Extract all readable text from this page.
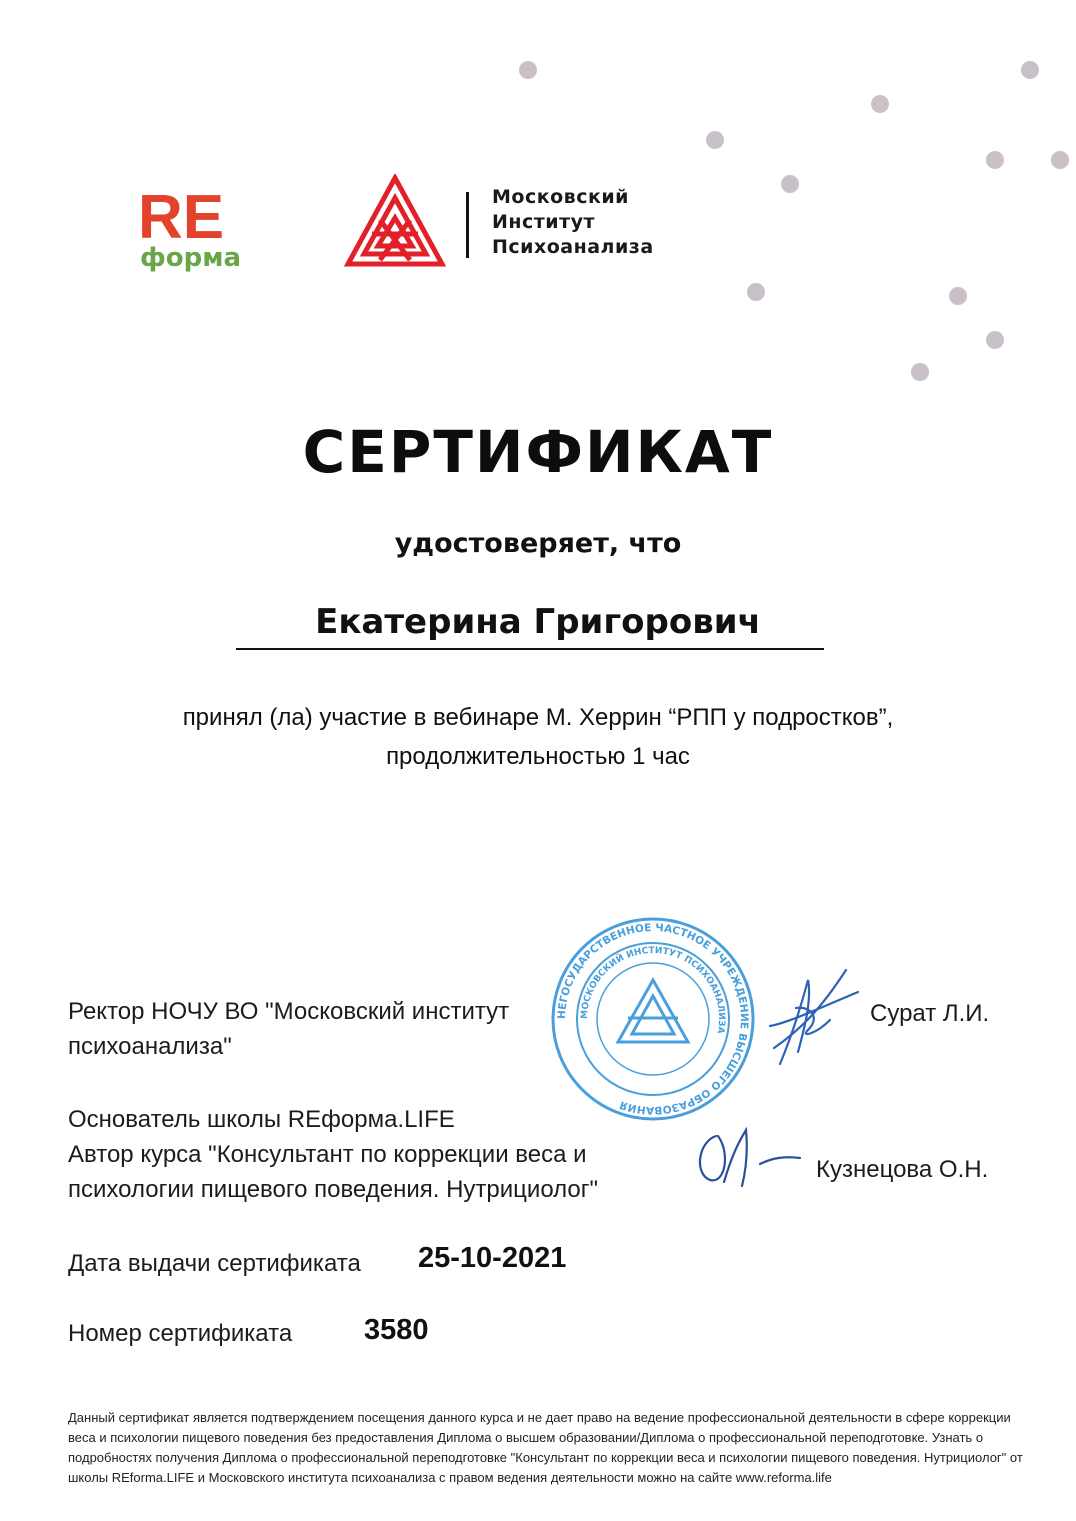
RE
форма
Московский
Институт
Психоанализа
СЕРТИФИКАТ
удостоверяет, что
Екатерина Григорович
принял (ла) участие в вебинаре М. Херрин “РПП у подростков”,
продолжительностью 1 час
НЕГОСУДАРСТВЕННОЕ ЧАСТНОЕ УЧРЕЖДЕНИЕ ВЫСШЕГО ОБРАЗОВАНИЯ
МОСКОВСКИЙ ИНСТИТУТ ПСИХОАНАЛИЗА
Ректор НОЧУ ВО "Московский институт психоанализа"
Сурат Л.И.
Основатель школы REформа.LIFE
Автор курса "Консультант по коррекции веса и
психологии пищевого поведения. Нутрициолог"
Кузнецова О.Н.
Дата выдачи сертификата 25-10-2021
Номер сертификата 3580
Данный сертификат является подтверждением посещения данного курса и не дает право на ведение профессиональной деятельности в сфере коррекции веса и психологии пищевого поведения без предоставления Диплома о высшем образовании/Диплома о профессиональной переподготовке. Узнать о подробностях получения Диплома о профессиональной переподготовке "Консультант по коррекции веса и психологии пищевого поведения. Нутрициолог" от школы REforma.LIFE и Московского института психоанализа с правом ведения деятельности можно на сайте www.reforma.life
